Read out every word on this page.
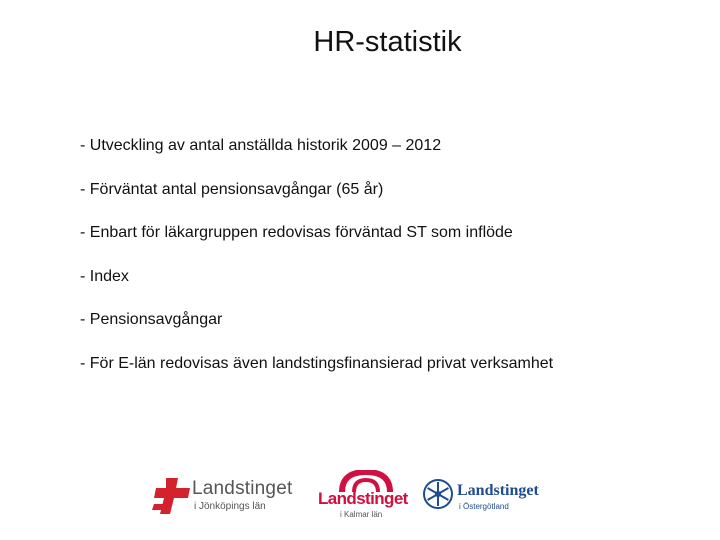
HR-statistik
- Utveckling av antal anställda historik 2009 – 2012
- Förväntat antal pensionsavgångar (65 år)
- Enbart för läkargruppen redovisas förväntad ST som inflöde
- Index
- Pensionsavgångar
- För E-län redovisas även landstingsfinansierad privat verksamhet
Landstinget
i Jönköpings län	Landstinget
i Kalmar län
Landstinget
i Östergötland
